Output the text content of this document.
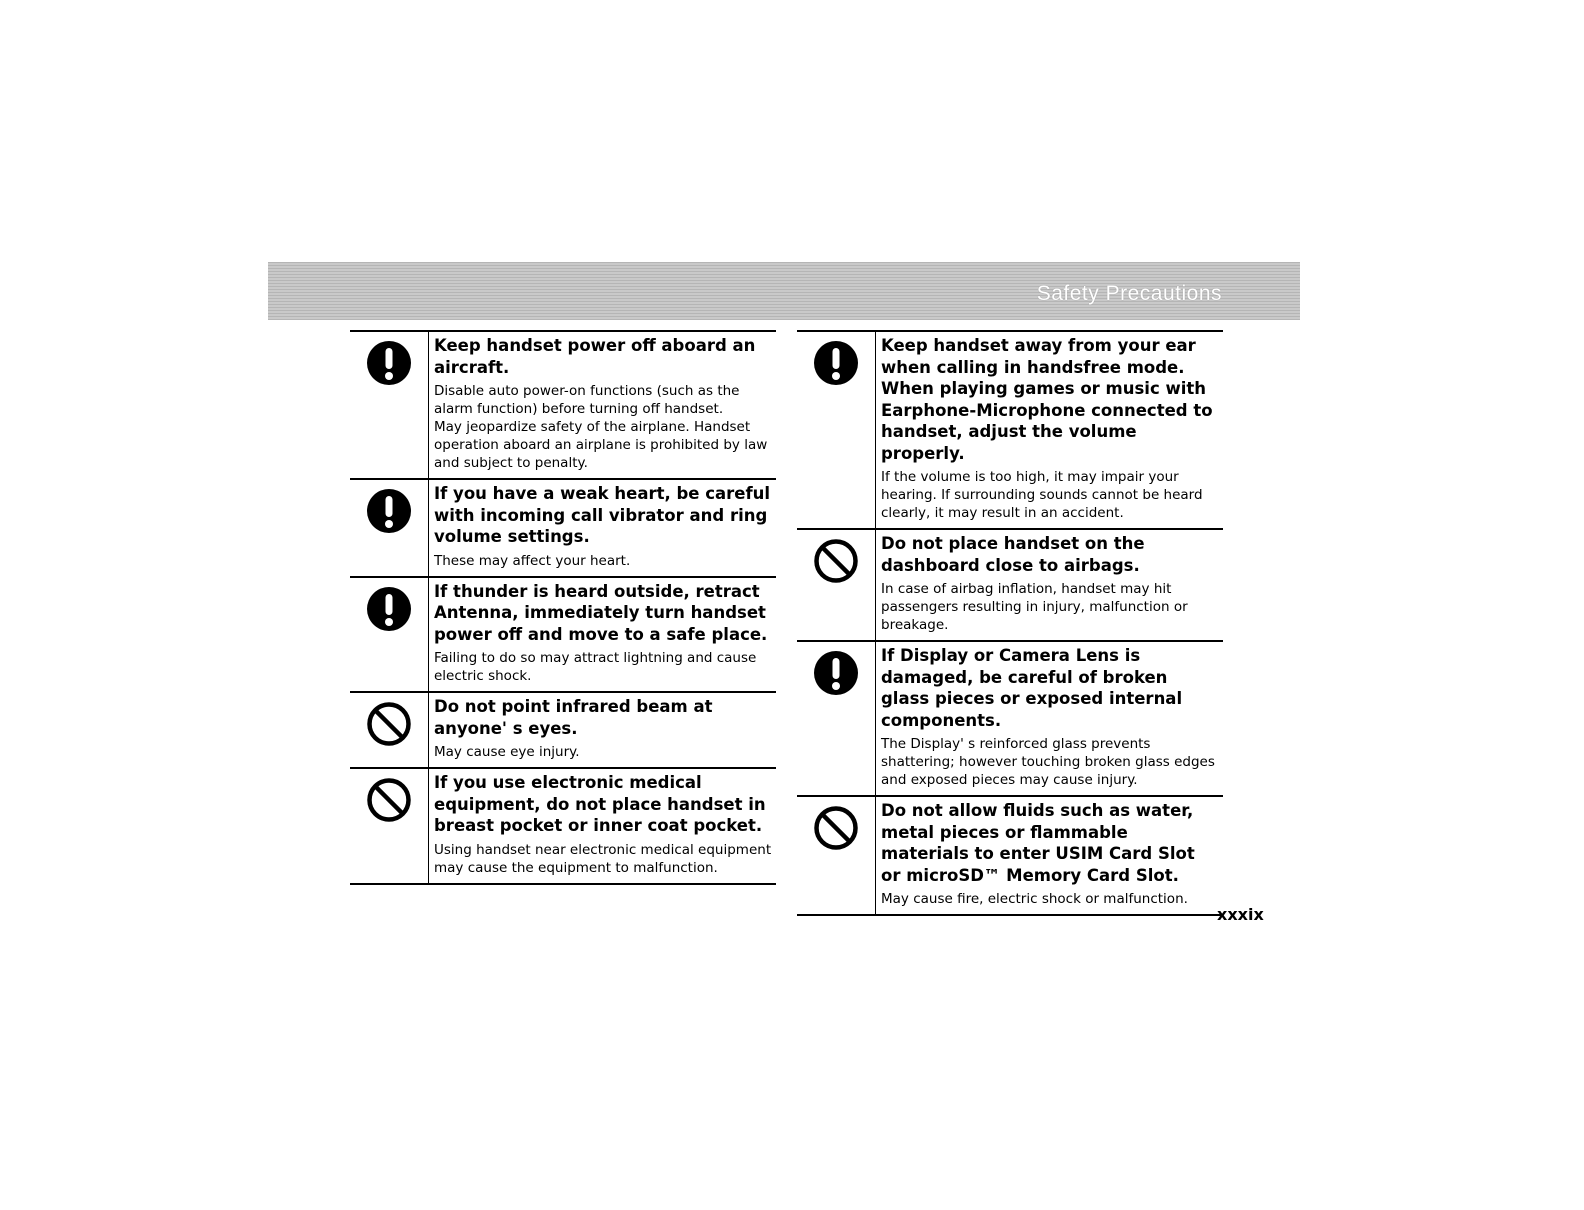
Safety Precautions

Keep handset power off aboard an aircraft.

Disable auto power-on functions (such as the alarm function) before turning off handset.
May jeopardize safety of the airplane. Handset operation aboard an airplane is prohibited by law and subject to penalty.

If you have a weak heart, be careful with incoming call vibrator and ring volume settings.

These may affect your heart.

If thunder is heard outside, retract Antenna, immediately turn handset power off and move to a safe place.

Failing to do so may attract lightning and cause electric shock.

Do not point infrared beam at anyone' s eyes.

May cause eye injury.

If you use electronic medical equipment, do not place handset in breast pocket or inner coat pocket.

Using handset near electronic medical equipment may cause the equipment to malfunction.

Keep handset away from your ear when calling in handsfree mode. When playing games or music with Earphone-Microphone connected to handset, adjust the volume properly.

If the volume is too high, it may impair your hearing. If surrounding sounds cannot be heard clearly, it may result in an accident.

Do not place handset on the dashboard close to airbags.

In case of airbag inflation, handset may hit passengers resulting in injury, malfunction or breakage.

If Display or Camera Lens is damaged, be careful of broken glass pieces or exposed internal components.

The Display' s reinforced glass prevents shattering; however touching broken glass edges and exposed pieces may cause injury.

Do not allow fluids such as water, metal pieces or flammable materials to enter USIM Card Slot or microSD™ Memory Card Slot.

May cause fire, electric shock or malfunction.

xxxix
